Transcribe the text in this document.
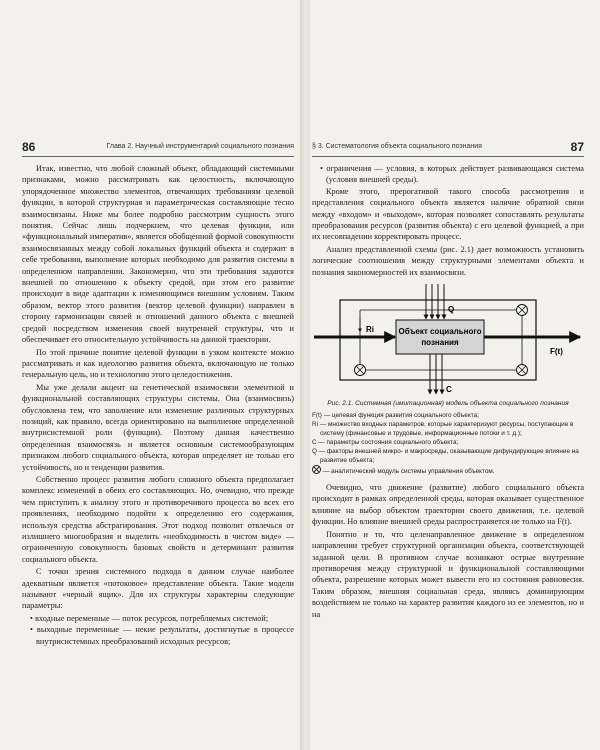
86	Глава 2. Научный инструментарий социального познания

Итак, известно, что любой сложный объект, обладающий системными признаками, можно рассматривать как целостность, включающую упорядоченное множество элементов, отвечающих требованиям целевой функции, в которой структурная и параметрическая составляющие тесно взаимосвязаны. Ниже мы более подробно рассмотрим сущность этого понятия. Сейчас лишь подчеркнем, что целевая функция, или «функциональный императив», является обобщенной формой совокупности взаимосвязанных между собой локальных функций объекта и содержит в себе требования, выполнение которых необходимо для развития системы в определенном направлении. Закономерно, что эти требования задаются внешней по отношению к объекту средой, при этом его развитие происходит в виде адаптации к изменяющимся внешним условиям. Таким образом, вектор этого развития (вектор целевой функции) направлен в сторону гармонизации связей и отношений данного объекта с внешней средой посредством изменения своей внутренней структуры, что и обеспечивает его относительную устойчивость на данной траектории.

По этой причине понятие целевой функции в узком контексте можно рассматривать и как идеологию развития объекта, включающую не только генеральную цель, но и технологию этого целедостижения.

Мы уже делали акцент на генетической взаимосвязи элементной и функциональной составляющих структуры системы. Она (взаимосвязь) обусловлена тем, что заполнение или изменение различных структурных позиций, как правило, всегда ориентировано на выполнение определенной внутрисистемной роли (функции). Поэтому данная качественно определенная взаимосвязь и является основным системообразующим признаком любого социального объекта, которая определяет не только его устойчивость, но и тенденции развития.

Собственно процесс развития любого сложного объекта предполагает комплекс изменений в обеих его составляющих. Но, очевидно, что прежде чем приступить к анализу этого и противоречивого процесса во всех его проявлениях, необходимо подойти к определению его содержания, используя средства абстрагирования. Этот подход позволит отвлечься от излишнего многообразия и выделить «необходимость в чистом виде» — ограниченную совокупность базовых свойств и детерминант развития социального объекта.

С точки зрения системного подхода в данном случае наиболее адекватным является «потоковое» представление объекта. Такие модели называют «черный ящик». Для их структуры характерны следующие параметры:

• входные переменные — поток ресурсов, потребляемых системой;
• выходные переменные — некие результаты, достигнутые в процессе внутрисистемных преобразований исходных ресурсов;
§ 3. Систематология объекта социального познания	87
• ограничения — условия, в которых действует развивающаяся система (условия внешней среды).

Кроме этого, прерогативой такого способа рассмотрения и представления социального объекта является наличие обратной связи между «входом» и «выходом», которая позволяет сопоставлять результаты преобразования ресурсов (развития объекта) с его целевой функцией, а при их несовпадении корректировать процесс.

Анализ представленной схемы (рис. 2.1) дает возможность установить логические соотношения между структурными элементами объекта и познания закономерностей их взаимосвязи.

Объект социального
познания
Q
Ri
C
F(t)

Рис. 2.1. Системная (имитационная) модель объекта социального познания

F(t) — целевая функция развития социального объекта;
Ri — множество входных параметров, которые характеризуют ресурсы, поступающие в систему (финансовые и трудовые, информационные потоки и т. д.);
C — параметры состояния социального объекта;
Q — факторы внешней микро- и макросреды, оказывающие дифундирующее влияние на развитие объекта;
— аналитический модуль системы управления объектом.

Очевидно, что движение (развитие) любого социального объекта происходит в рамках определенной среды, которая оказывает существенное влияние на выбор объектом траектории своего движения, т.е. целевой функции. Но влияние внешней среды распространяется не только на F(t).

Понятно и то, что целенаправленное движение в определенном направлении требует структурной организации объекта, соответствующей заданной цели. В противном случае возникают острые внутренние противоречия между структурной и функциональной составляющими объекта, разрешение которых может вывести его из состояния равновесия. Таким образом, внешняя социальная среда, являясь доминирующим воздействием не только на характер развития каждого из ее элементов, но и на
